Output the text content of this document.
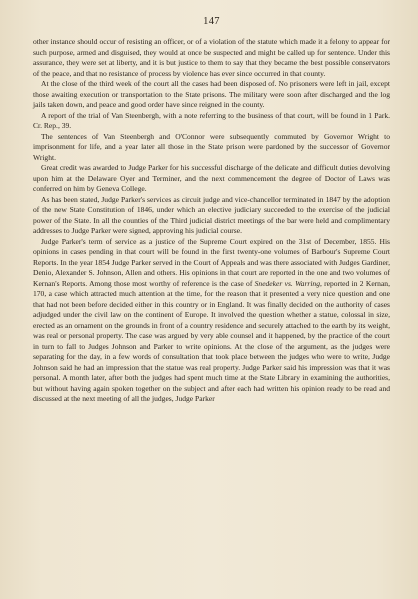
147

other instance should occur of resisting an officer, or of a violation of the statute which made it a felony to appear for such purpose, armed and disguised, they would at once be suspected and might be called up for sentence. Under this assurance, they were set at liberty, and it is but justice to them to say that they became the best possible conservators of the peace, and that no resistance of process by violence has ever since occurred in that county.

At the close of the third week of the court all the cases had been disposed of. No prisoners were left in jail, except those awaiting execution or transportation to the State prisons. The military were soon after discharged and the log jails taken down, and peace and good order have since reigned in the county.

A report of the trial of Van Steenbergh, with a note referring to the business of that court, will be found in 1 Park. Cr. Rep., 39.

The sentences of Van Steenbergh and O'Connor were subsequently commuted by Governor Wright to imprisonment for life, and a year later all those in the State prison were pardoned by the successor of Governor Wright.

Great credit was awarded to Judge Parker for his successful discharge of the delicate and difficult duties devolving upon him at the Delaware Oyer and Terminer, and the next commencement the degree of Doctor of Laws was conferred on him by Geneva College.

As has been stated, Judge Parker's services as circuit judge and vice-chancellor terminated in 1847 by the adoption of the new State Constitution of 1846, under which an elective judiciary succeeded to the exercise of the judicial power of the State. In all the counties of the Third judicial district meetings of the bar were held and complimentary addresses to Judge Parker were signed, approving his judicial course.

Judge Parker's term of service as a justice of the Supreme Court expired on the 31st of December, 1855. His opinions in cases pending in that court will be found in the first twenty-one volumes of Barbour's Supreme Court Reports. In the year 1854 Judge Parker served in the Court of Appeals and was there associated with Judges Gardiner, Denio, Alexander S. Johnson, Allen and others. His opinions in that court are reported in the one and two volumes of Kernan's Reports. Among those most worthy of reference is the case of Snedeker vs. Warring, reported in 2 Kernan, 170, a case which attracted much attention at the time, for the reason that it presented a very nice question and one that had not been before decided either in this country or in England. It was finally decided on the authority of cases adjudged under the civil law on the continent of Europe. It involved the question whether a statue, colossal in size, erected as an ornament on the grounds in front of a country residence and securely attached to the earth by its weight, was real or personal property. The case was argued by very able counsel and it happened, by the practice of the court in turn to fall to Judges Johnson and Parker to write opinions. At the close of the argument, as the judges were separating for the day, in a few words of consultation that took place between the judges who were to write, Judge Johnson said he had an impression that the statue was real property. Judge Parker said his impression was that it was personal. A month later, after both the judges had spent much time at the State Library in examining the authorities, but without having again spoken together on the subject and after each had written his opinion ready to be read and discussed at the next meeting of all the judges, Judge Parker
